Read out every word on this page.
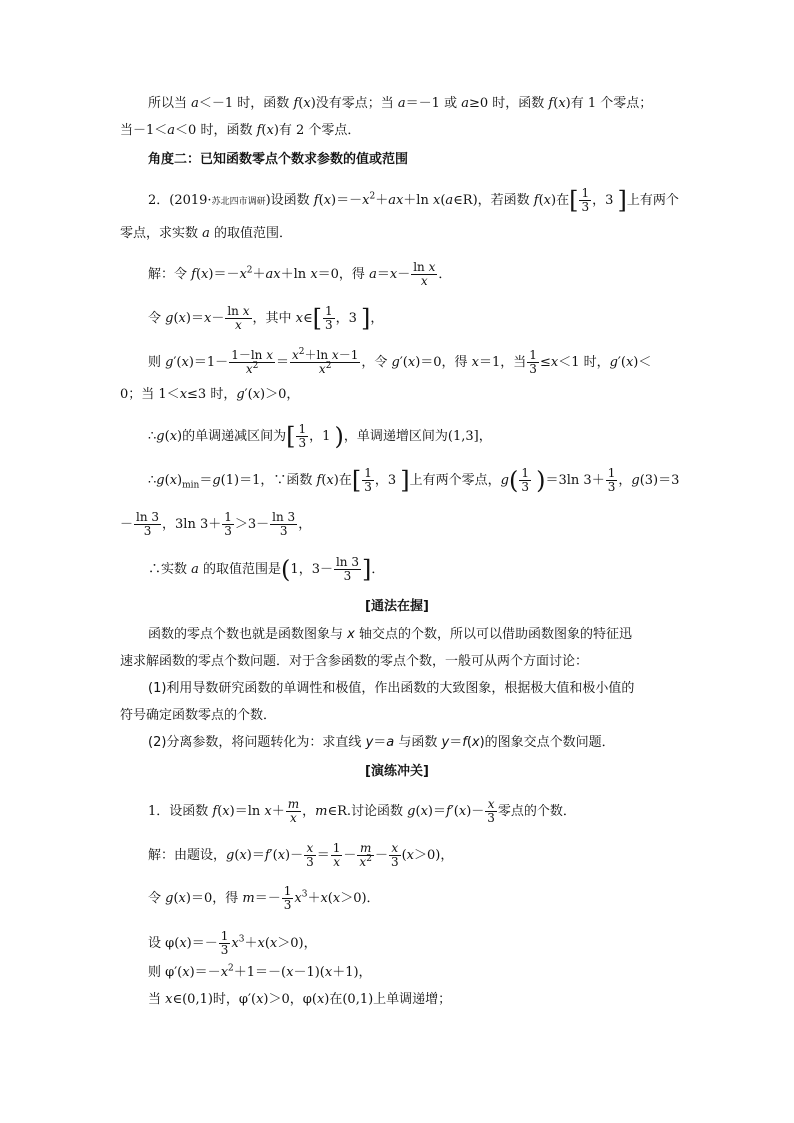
所以当 a＜－1 时，函数 f(x)没有零点；当 a＝－1 或 a≥0 时，函数 f(x)有 1 个零点；
当－1＜a＜0 时，函数 f(x)有 2 个零点．
角度二：已知函数零点个数求参数的值或范围
2．(2019·苏北四市调研)设函数 $f(x)=-x^2+ax+\ln$ x(a∈R)，若函数 f(x)在[ $\frac{1}{3}$ ，3 ]上有两个
零点，求实数 a 的取值范围．
解：令 $f(x)=-x^2+ax+\ln$ x＝0，得 $a=x- \frac{\text{ln x}}{x}$ ．
令 $g(x)=x- \frac{\text{ln x}}{x}$ ，其中 x∈[ $\frac{1}{3}$ ，3 ]，
则 $g'(x)=1- \frac{\text{1－ln x}}{x^2} = \frac{x^2+\ln x-1}{x^2}$ ，令 g′(x)＝0，得 x＝1，当 $\frac{1}{3} \le x<1$ 时，g′(x)＜
0；当 1＜x≤3 时，g′(x)＞0，
∴g(x)的单调递减区间为[ $\frac{1}{3}$ ，1 )，单调递增区间为(1,3]，
$\therefore g(x)_{min}=g(1)=1$，∵函数 f(x)在[ $\frac{1}{3}$ ，3 ]上有两个零点，$g( \frac{1}{3} )=3\ln$ $3+ \frac{1}{3}$ ，g(3)＝3
－ $\frac{\ln 3}{3}$ ，3ln $3+ \frac{1}{3} >3- \frac{\ln 3}{3}$ ，
∴实数 a 的取值范围是(1，$3- \frac{\ln 3}{3}$ ]．
[通法在握]
函数的零点个数也就是函数图象与 x 轴交点的个数，所以可以借助函数图象的特征迅
速求解函数的零点个数问题．对于含参函数的零点个数，一般可从两个方面讨论：
(1)利用导数研究函数的单调性和极值，作出函数的大致图象，根据极大值和极小值的
符号确定函数零点的个数．
(2)分离参数，将问题转化为：求直线 y＝a 与函数 y＝f(x)的图象交点个数问题．
[演练冲关]
1．设函数 f(x)＝ln $x+ \frac{m}{x}$ ，m∈R.讨论函数 $g(x)=f'(x)- \frac{x}{3}$ 零点的个数．
解：由题设，$g(x)=f'(x)- \frac{x}{3} = \frac{1}{x} - \frac{m}{x^2} - \frac{x}{3} (x>0)$，
令 g(x)＝0，得 $m=- \frac{1}{3} x^3+x(x>0)$．
设 $\varphi(x)=- \frac{1}{3} x^3+x(x>0)$，
则 $\varphi'(x)=-x^2+1=-(x-1)(x+1)$，
当 x∈(0,1)时，φ′(x)＞0，φ(x)在(0,1)上单调递增；
